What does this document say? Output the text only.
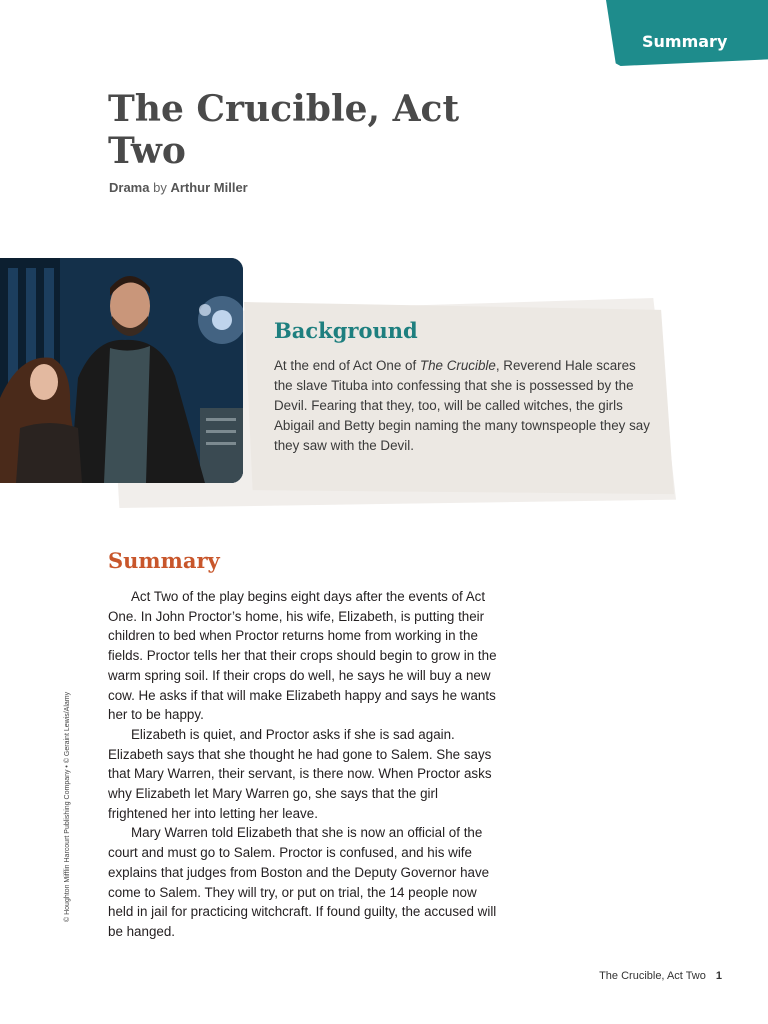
Summary
The Crucible, Act Two
Drama by Arthur Miller
Background

At the end of Act One of The Crucible, Reverend Hale scares the slave Tituba into confessing that she is possessed by the Devil. Fearing that they, too, will be called witches, the girls Abigail and Betty begin naming the many townspeople they say they saw with the Devil.

Summary

Act Two of the play begins eight days after the events of Act One. In John Proctor’s home, his wife, Elizabeth, is putting their children to bed when Proctor returns home from working in the fields. Proctor tells her that their crops should begin to grow in the warm spring soil. If their crops do well, he says he will buy a new cow. He asks if that will make Elizabeth happy and says he wants her to be happy.

Elizabeth is quiet, and Proctor asks if she is sad again. Elizabeth says that she thought he had gone to Salem. She says that Mary Warren, their servant, is there now. When Proctor asks why Elizabeth let Mary Warren go, she says that the girl frightened her into letting her leave.

Mary Warren told Elizabeth that she is now an official of the court and must go to Salem. Proctor is confused, and his wife explains that judges from Boston and the Deputy Governor have come to Salem. They will try, or put on trial, the 14 people now held in jail for practicing witchcraft. If found guilty, the accused will be hanged.

© Houghton Mifflin Harcourt Publishing Company • © Geraint Lewis/Alamy
The Crucible, Act Two 1
